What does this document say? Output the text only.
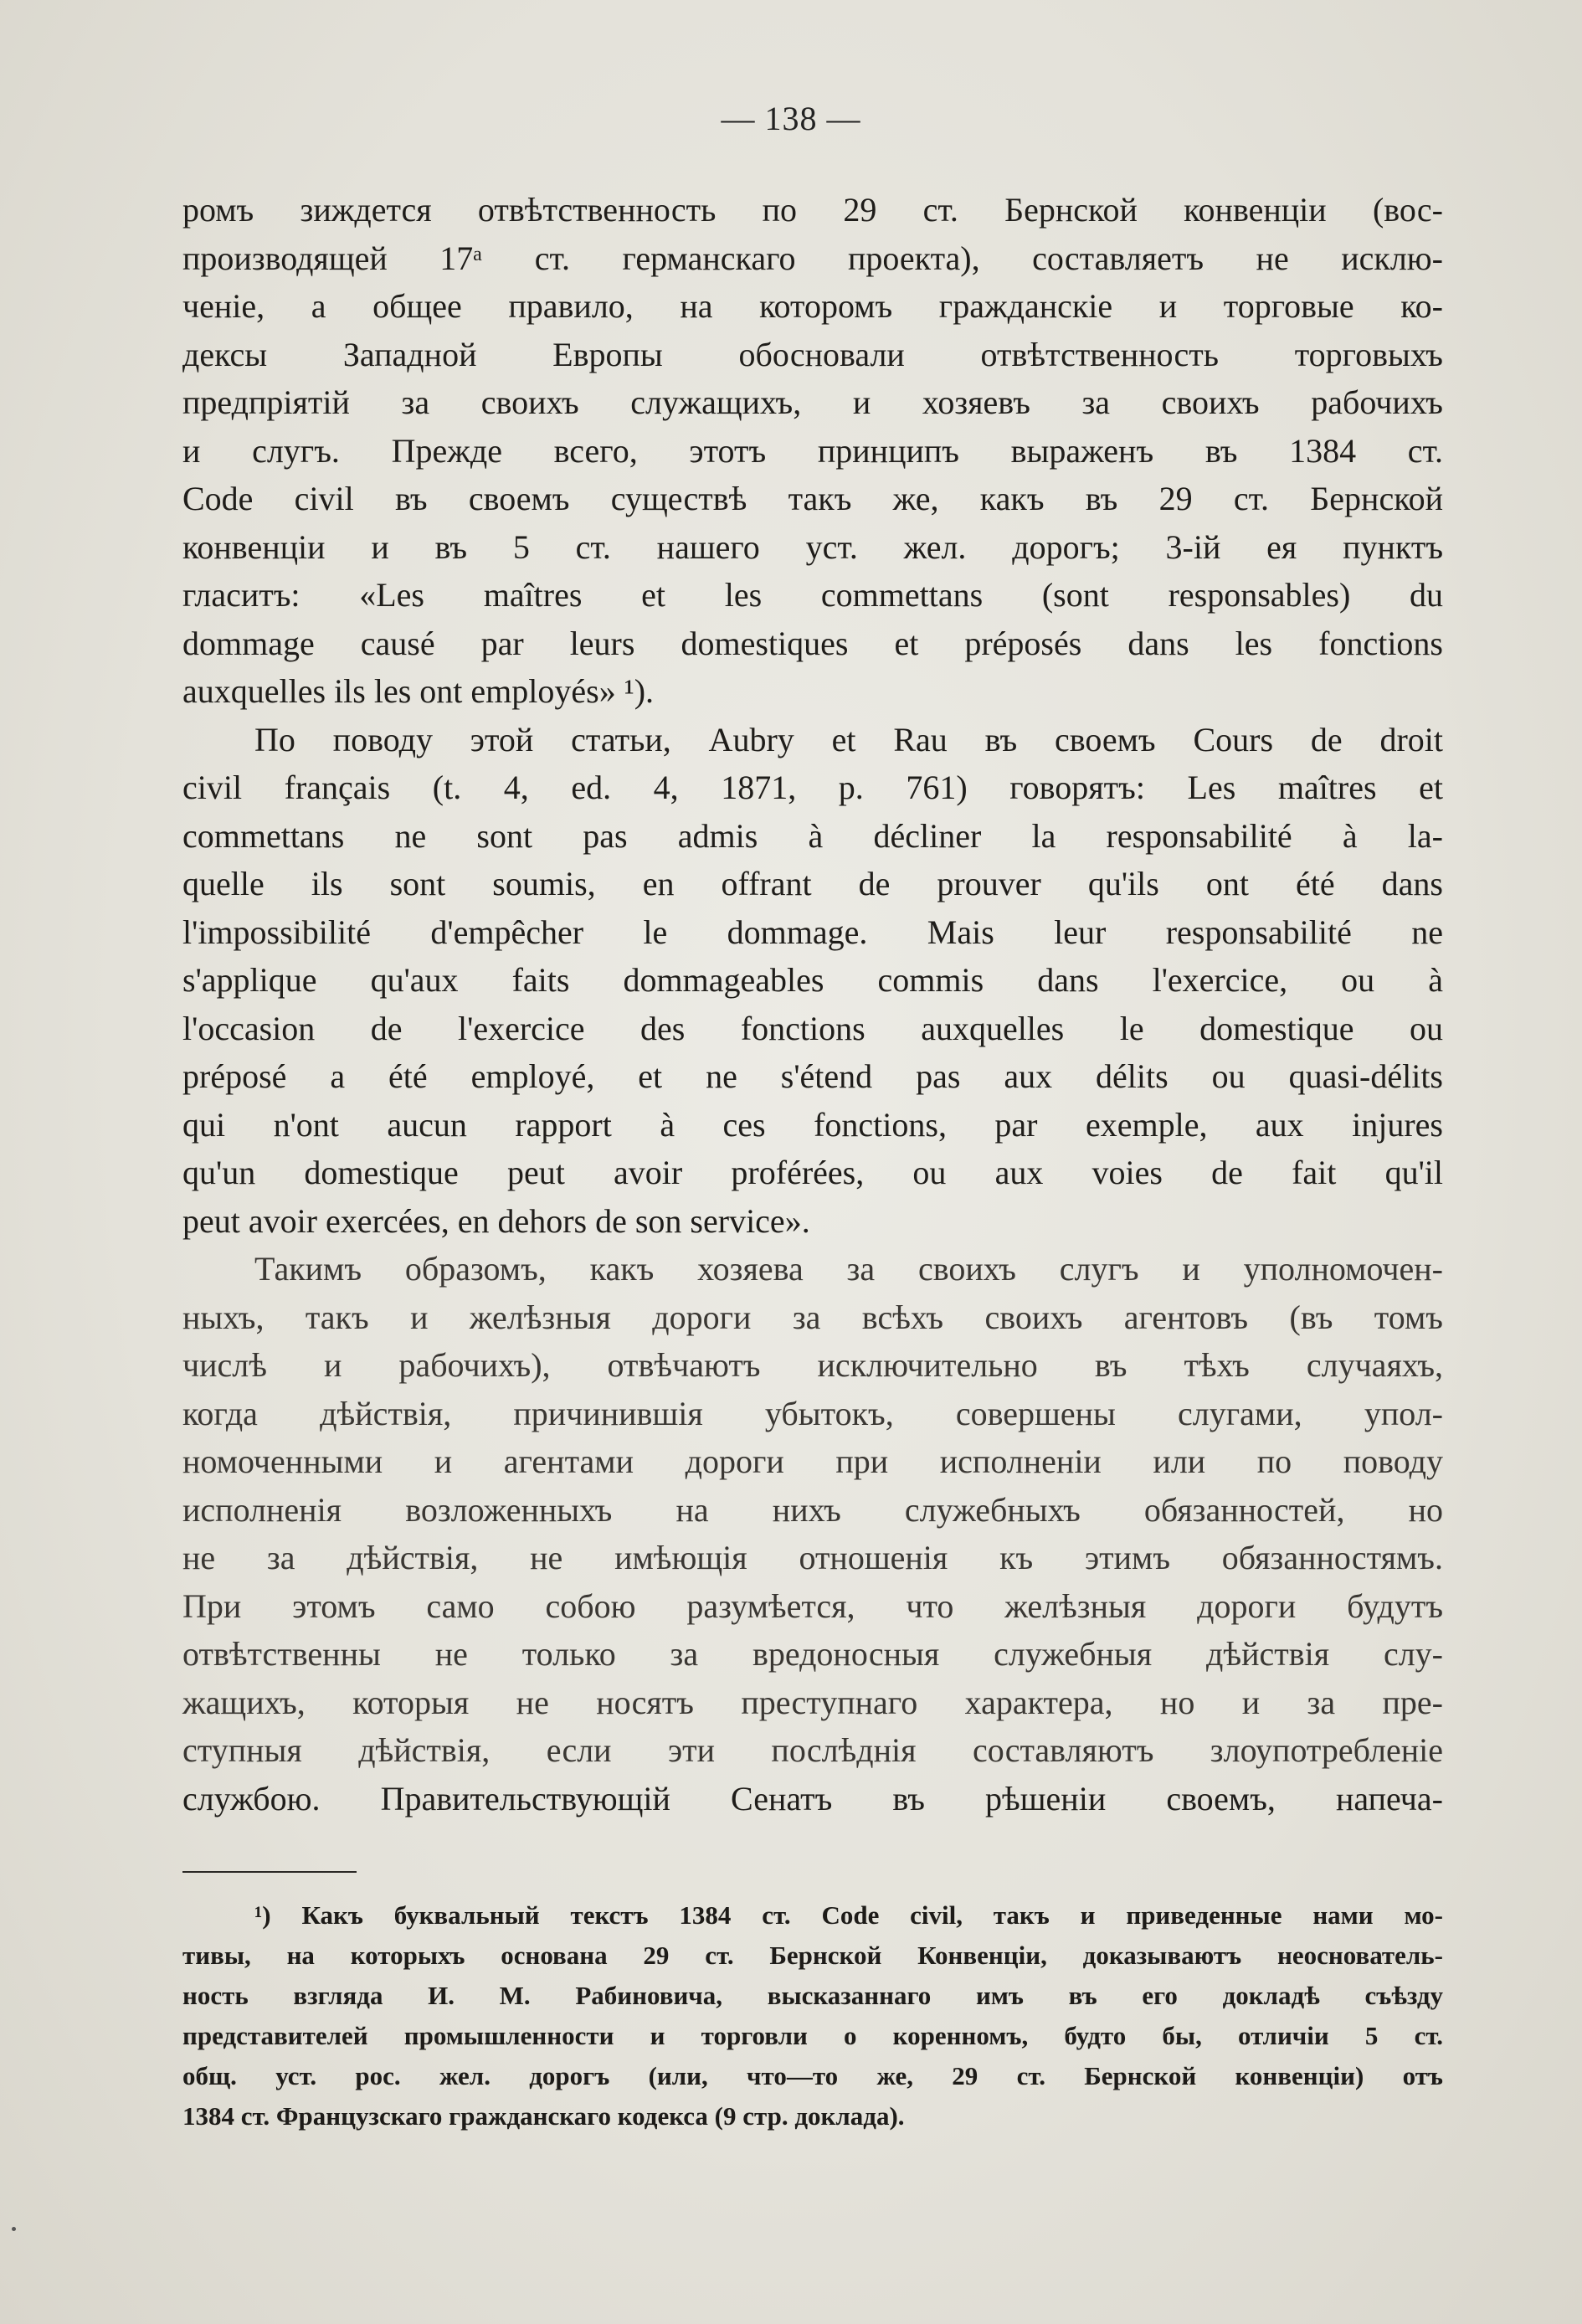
— 138 —
ромъ зиждется отвѣтственность по 29 ст. Бернской конвенціи (вос-
производящей 17ᵃ ст. германскаго проекта), составляетъ не исклю-
ченіе, а общее правило, на которомъ гражданскіе и торговые ко-
дексы Западной Европы обосновали отвѣтственность торговыхъ
предпріятій за своихъ служащихъ, и хозяевъ за своихъ рабочихъ
и слугъ. Прежде всего, этотъ принципъ выраженъ въ 1384 ст.
Code civil въ своемъ существѣ такъ же, какъ въ 29 ст. Бернской
конвенціи и въ 5 ст. нашего уст. жел. дорогъ; 3-ій ея пунктъ
гласитъ: «Les maîtres et les commettans (sont responsables) du
dommage causé par leurs domestiques et préposés dans les fonctions
auxquelles ils les ont employés» ¹).
По поводу этой статьи, Aubry et Rau въ своемъ Cours de droit
civil français (t. 4, ed. 4, 1871, p. 761) говорятъ: Les maîtres et
commettans ne sont pas admis à décliner la responsabilité à la-
quelle ils sont soumis, en offrant de prouver qu'ils ont été dans
l'impossibilité d'empêcher le dommage. Mais leur responsabilité ne
s'applique qu'aux faits dommageables commis dans l'exercice, ou à
l'occasion de l'exercice des fonctions auxquelles le domestique ou
préposé a été employé, et ne s'étend pas aux délits ou quasi-délits
qui n'ont aucun rapport à ces fonctions, par exemple, aux injures
qu'un domestique peut avoir proférées, ou aux voies de fait qu'il
peut avoir exercées, en dehors de son service».
Такимъ образомъ, какъ хозяева за своихъ слугъ и уполномочен-
ныхъ, такъ и желѣзныя дороги за всѣхъ своихъ агентовъ (въ томъ
числѣ и рабочихъ), отвѣчаютъ исключительно въ тѣхъ случаяхъ,
когда дѣйствія, причинившія убытокъ, совершены слугами, упол-
номоченными и агентами дороги при исполненіи или по поводу
исполненія возложенныхъ на нихъ служебныхъ обязанностей, но
не за дѣйствія, не имѣющія отношенія къ этимъ обязанностямъ.
При этомъ само собою разумѣется, что желѣзныя дороги будутъ
отвѣтственны не только за вредоносныя служебныя дѣйствія слу-
жащихъ, которыя не носятъ преступнаго характера, но и за пре-
ступныя дѣйствія, если эти послѣднія составляютъ злоупотребленіе
службою. Правительствующій Сенатъ въ рѣшеніи своемъ, напеча-
¹) Какъ буквальный текстъ 1384 ст. Code civil, такъ и приведенные нами мо-
тивы, на которыхъ основана 29 ст. Бернской Конвенціи, доказываютъ неоснователь-
ность взгляда И. М. Рабиновича, высказаннаго имъ въ его докладѣ съѣзду
представителей промышленности и торговли о коренномъ, будто бы, отличіи 5 ст.
общ. уст. рос. жел. дорогъ (или, что—то же, 29 ст. Бернской конвенціи) отъ
1384 ст. Французскаго гражданскаго кодекса (9 стр. доклада).
